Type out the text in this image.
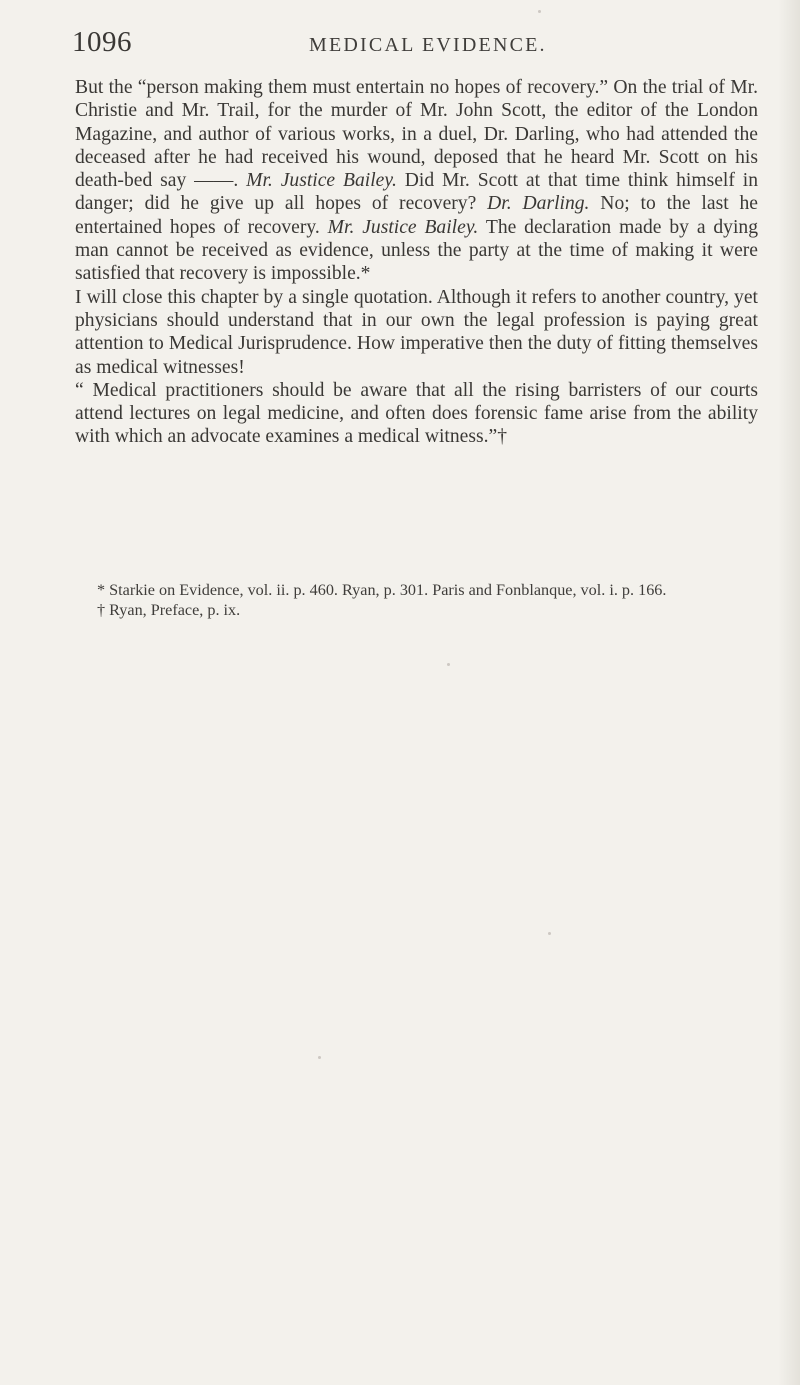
1096	MEDICAL EVIDENCE.

But the “person making them must entertain no hopes of recovery.” On the trial of Mr. Christie and Mr. Trail, for the murder of Mr. John Scott, the editor of the London Magazine, and author of various works, in a duel, Dr. Darling, who had attended the deceased after he had received his wound, deposed that he heard Mr. Scott on his death-bed say ——. Mr. Justice Bailey. Did Mr. Scott at that time think himself in danger; did he give up all hopes of recovery? Dr. Darling. No; to the last he entertained hopes of recovery. Mr. Justice Bailey. The declaration made by a dying man cannot be received as evidence, unless the party at the time of making it were satisfied that recovery is impossible.*

I will close this chapter by a single quotation. Although it refers to another country, yet physicians should understand that in our own the legal profession is paying great attention to Medical Jurisprudence. How imperative then the duty of fitting themselves as medical witnesses!

“ Medical practitioners should be aware that all the rising barristers of our courts attend lectures on legal medicine, and often does forensic fame arise from the ability with which an advocate examines a medical witness.”†

* Starkie on Evidence, vol. ii. p. 460. Ryan, p. 301. Paris and Fonblanque, vol. i. p. 166.

† Ryan, Preface, p. ix.
